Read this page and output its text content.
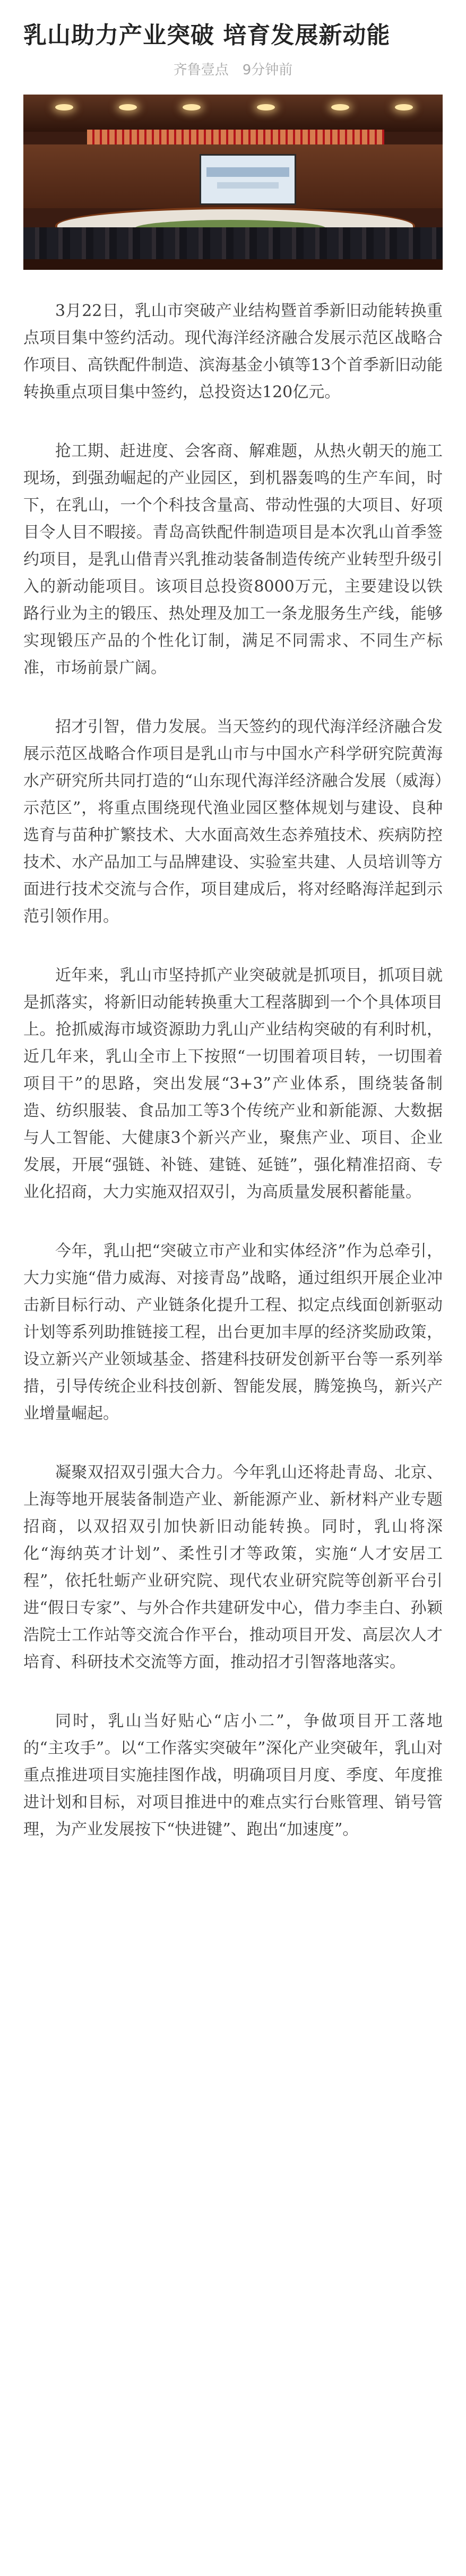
乳山助力产业突破 培育发展新动能
齐鲁壹点 9分钟前

3月22日，乳山市突破产业结构暨首季新旧动能转换重点项目集中签约活动。现代海洋经济融合发展示范区战略合作项目、高铁配件制造、滨海基金小镇等13个首季新旧动能转换重点项目集中签约，总投资达120亿元。

抢工期、赶进度、会客商、解难题，从热火朝天的施工现场，到强劲崛起的产业园区，到机器轰鸣的生产车间，时下，在乳山，一个个科技含量高、带动性强的大项目、好项目令人目不暇接。青岛高铁配件制造项目是本次乳山首季签约项目，是乳山借青兴乳推动装备制造传统产业转型升级引入的新动能项目。该项目总投资8000万元，主要建设以铁路行业为主的锻压、热处理及加工一条龙服务生产线，能够实现锻压产品的个性化订制，满足不同需求、不同生产标准，市场前景广阔。

招才引智，借力发展。当天签约的现代海洋经济融合发展示范区战略合作项目是乳山市与中国水产科学研究院黄海水产研究所共同打造的“山东现代海洋经济融合发展（威海）示范区”，将重点围绕现代渔业园区整体规划与建设、良种选育与苗种扩繁技术、大水面高效生态养殖技术、疾病防控技术、水产品加工与品牌建设、实验室共建、人员培训等方面进行技术交流与合作，项目建成后，将对经略海洋起到示范引领作用。

近年来，乳山市坚持抓产业突破就是抓项目，抓项目就是抓落实，将新旧动能转换重大工程落脚到一个个具体项目上。抢抓威海市域资源助力乳山产业结构突破的有利时机，近几年来，乳山全市上下按照“一切围着项目转，一切围着项目干”的思路，突出发展“3+3”产业体系，围绕装备制造、纺织服装、食品加工等3个传统产业和新能源、大数据与人工智能、大健康3个新兴产业，聚焦产业、项目、企业发展，开展“强链、补链、建链、延链”，强化精准招商、专业化招商，大力实施双招双引，为高质量发展积蓄能量。

今年，乳山把“突破立市产业和实体经济”作为总牵引，大力实施“借力威海、对接青岛”战略，通过组织开展企业冲击新目标行动、产业链条化提升工程、拟定点线面创新驱动计划等系列助推链接工程，出台更加丰厚的经济奖励政策，设立新兴产业领域基金、搭建科技研发创新平台等一系列举措，引导传统企业科技创新、智能发展，腾笼换鸟，新兴产业增量崛起。

凝聚双招双引强大合力。今年乳山还将赴青岛、北京、上海等地开展装备制造产业、新能源产业、新材料产业专题招商，以双招双引加快新旧动能转换。同时，乳山将深化“海纳英才计划”、柔性引才等政策，实施“人才安居工程”，依托牡蛎产业研究院、现代农业研究院等创新平台引进“假日专家”、与外合作共建研发中心，借力李圭白、孙颖浩院士工作站等交流合作平台，推动项目开发、高层次人才培育、科研技术交流等方面，推动招才引智落地落实。

同时，乳山当好贴心“店小二”，争做项目开工落地的“主攻手”。以“工作落实突破年”深化产业突破年，乳山对重点推进项目实施挂图作战，明确项目月度、季度、年度推进计划和目标，对项目推进中的难点实行台账管理、销号管理，为产业发展按下“快进键”、跑出“加速度”。
